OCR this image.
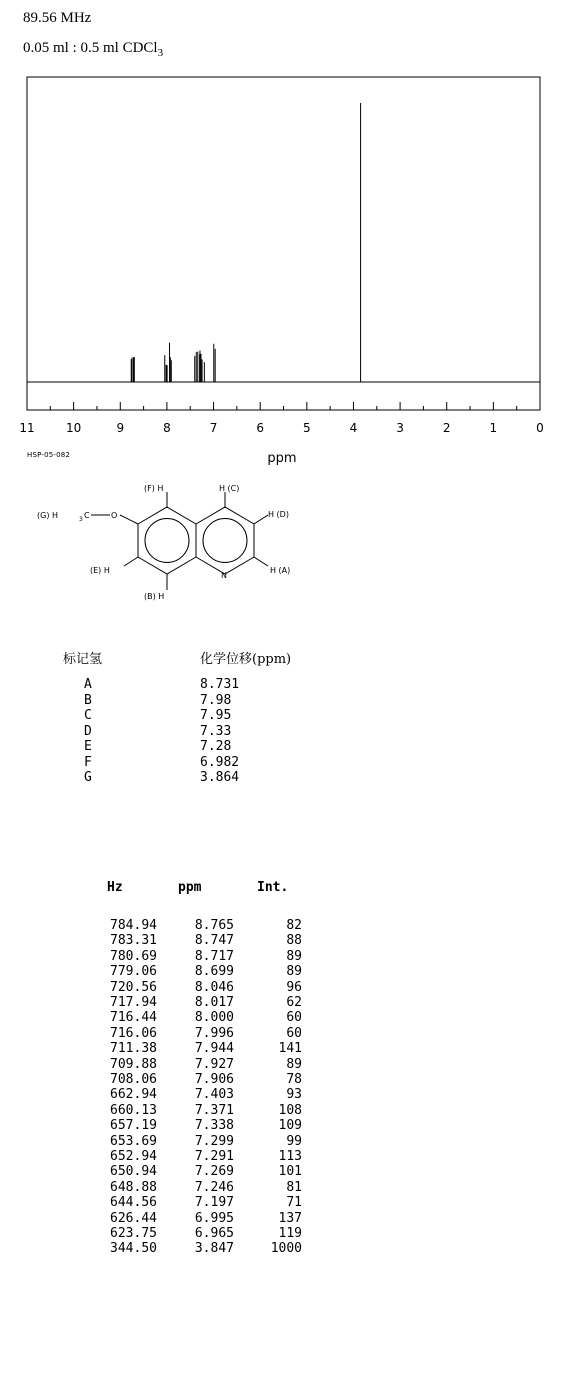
89.56 MHz
0.05 ml : 0.5 ml CDCl$_3$
11	10	9	8	7	6	5	4	3	2	1	0
ppm
HSP-05-082
(F) H	H (C)
H (D)
H (A)
(E) H
(B) H
(G) H	3 C	O
N
标记氢	化学位移(ppm)
A	8.731
B	7.98
C	7.95
D	7.33
E	7.28
F	6.982
G	3.864
Hz	ppm	Int.
784.94	8.765	82
783.31	8.747	88
780.69	8.717	89
779.06	8.699	89
720.56	8.046	96
717.94	8.017	62
716.44	8.000	60
716.06	7.996	60
711.38	7.944	141
709.88	7.927	89
708.06	7.906	78
662.94	7.403	93
660.13	7.371	108
657.19	7.338	109
653.69	7.299	99
652.94	7.291	113
650.94	7.269	101
648.88	7.246	81
644.56	7.197	71
626.44	6.995	137
623.75	6.965	119
344.50	3.847	1000
